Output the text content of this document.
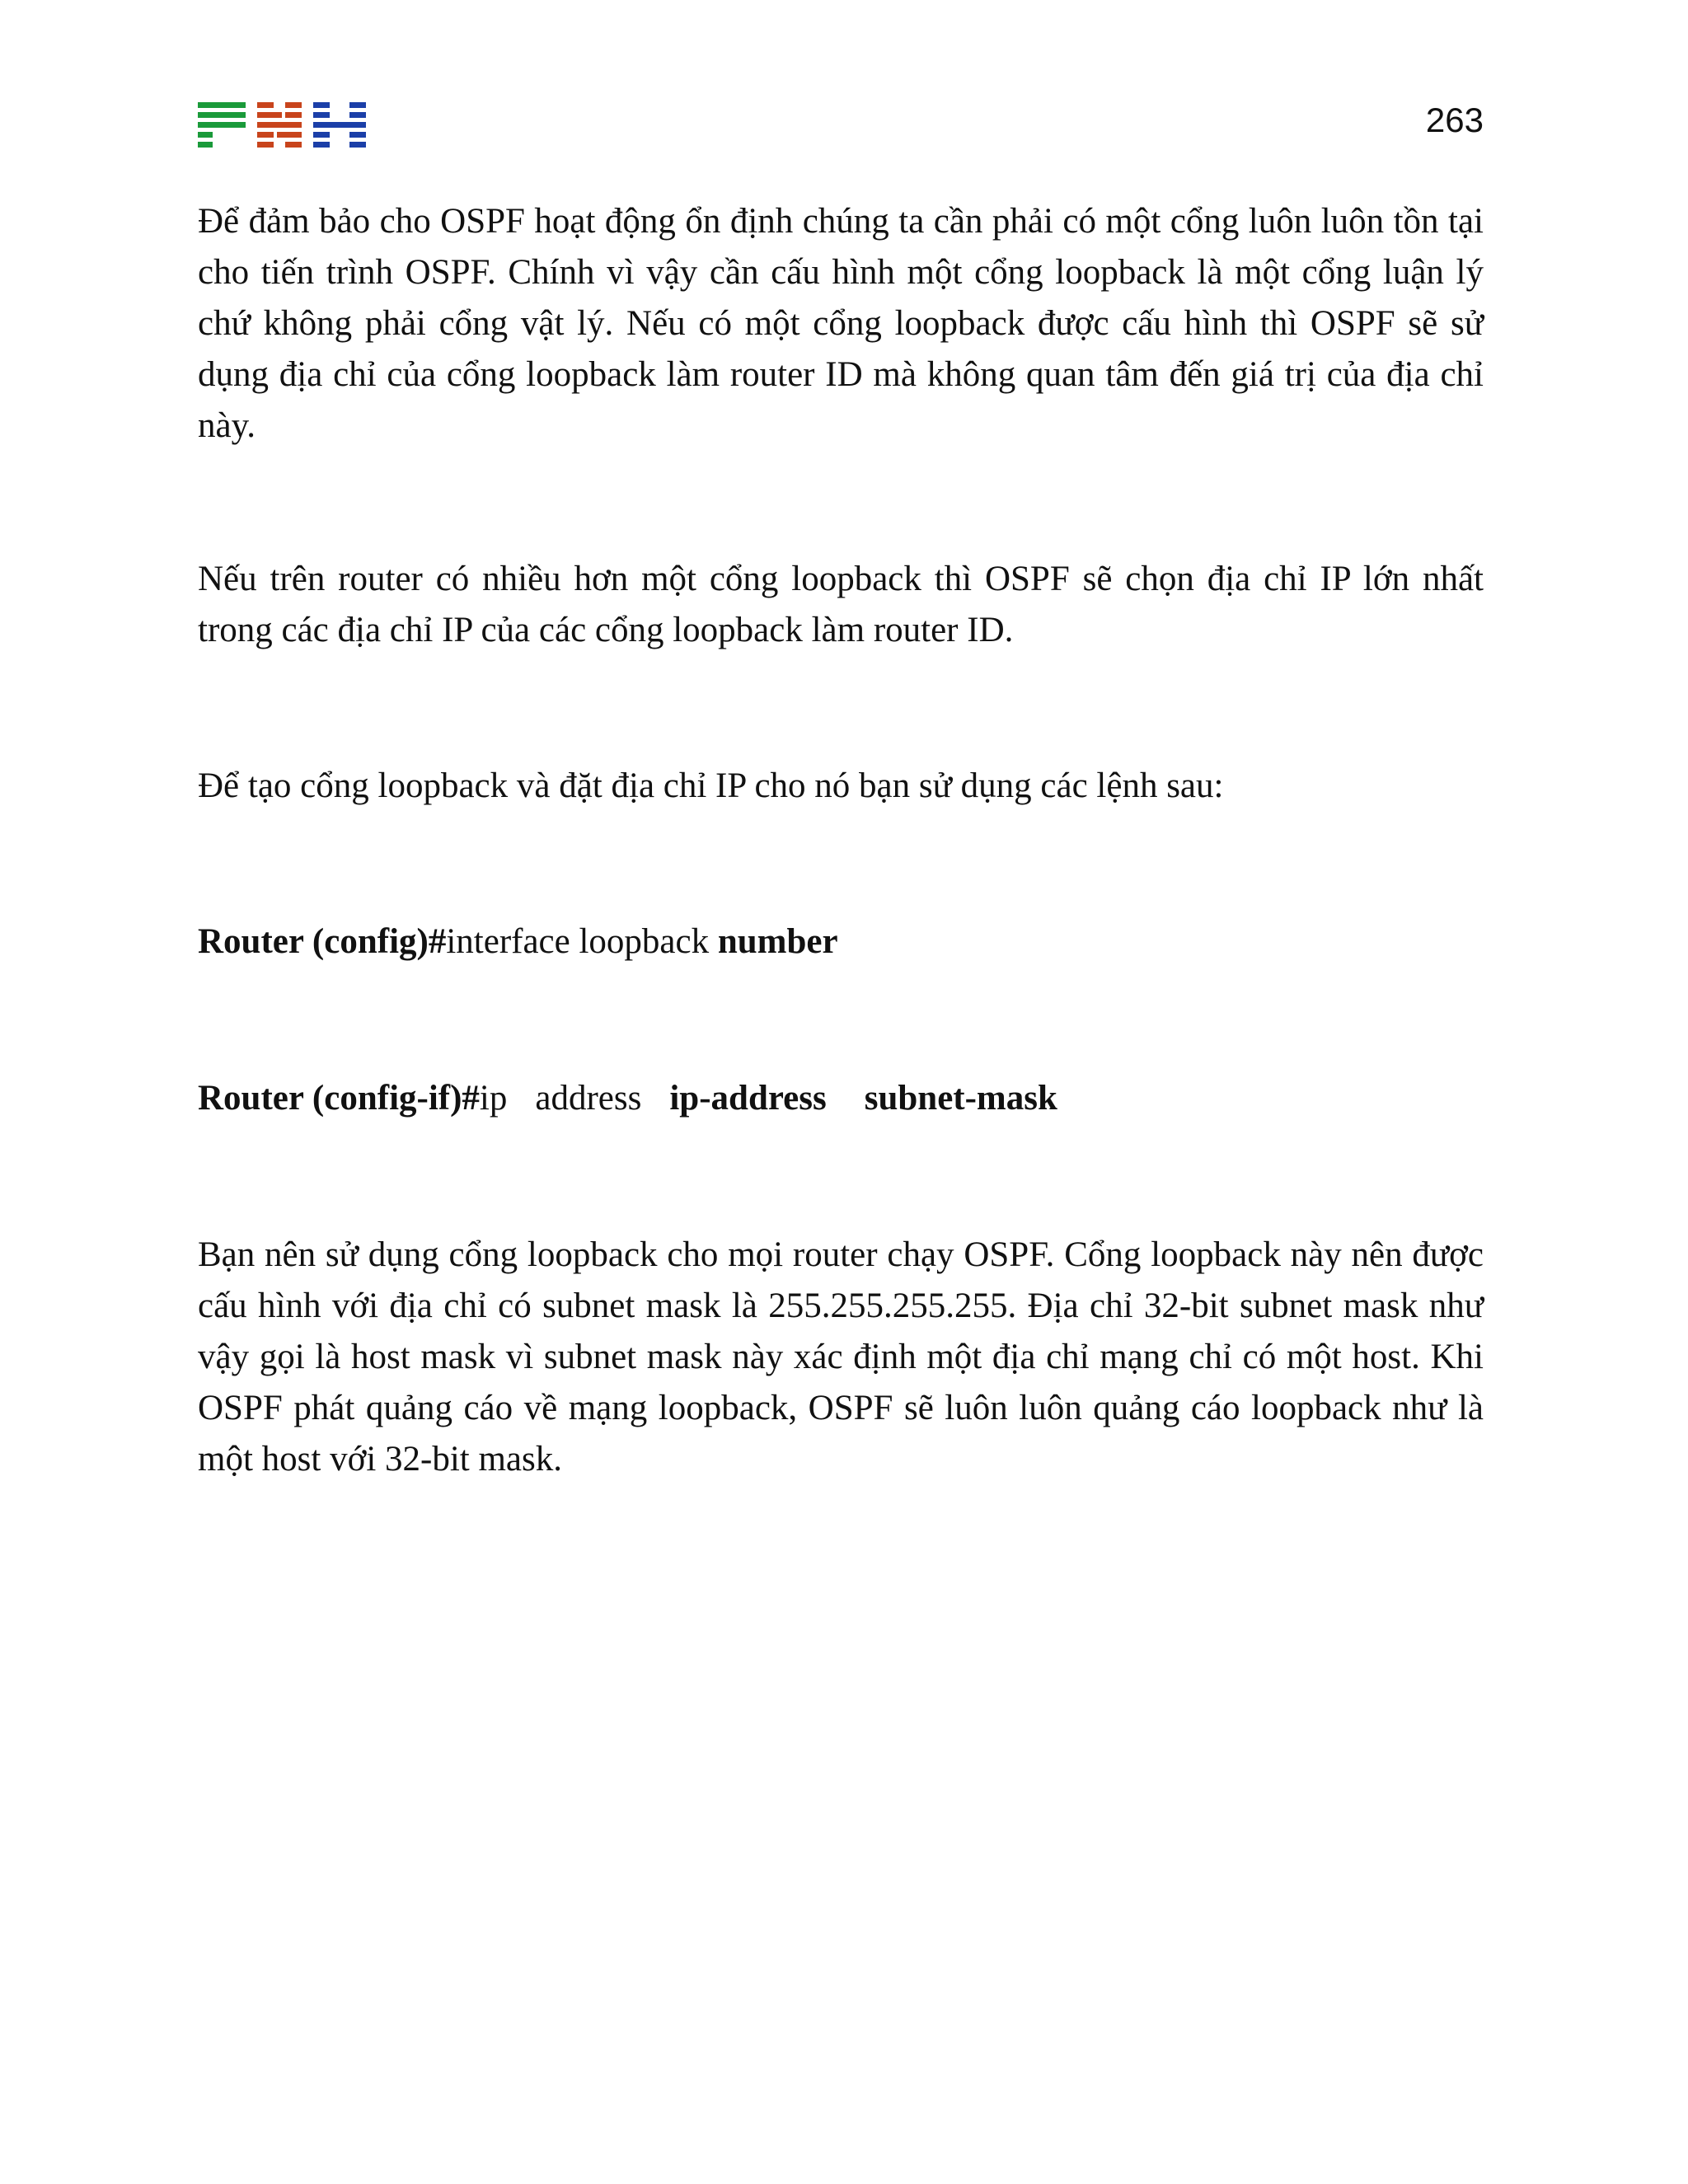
263

Để đảm bảo cho OSPF hoạt động ổn định chúng ta cần phải có một cổng luôn luôn tồn tại cho tiến trình OSPF. Chính vì vậy cần cấu hình một cổng loopback là một cổng luận lý chứ không phải cổng vật lý. Nếu có một cổng loopback được cấu hình thì OSPF sẽ sử dụng địa chỉ của cổng loopback làm router ID mà không quan tâm đến giá trị của địa chỉ này.

Nếu trên router có nhiều hơn một cổng loopback thì OSPF sẽ chọn địa chỉ IP lớn nhất trong các địa chỉ IP của các cổng loopback làm router ID.

Để tạo cổng loopback và đặt địa chỉ IP cho nó bạn sử dụng các lệnh sau:

Router (config)#interface loopback number

Router (config-if)#ip address ip-address subnet-mask

Bạn nên sử dụng cổng loopback cho mọi router chạy OSPF. Cổng loopback này nên được cấu hình với địa chỉ có subnet mask là 255.255.255.255. Địa chỉ 32-bit subnet mask như vậy gọi là host mask vì subnet mask này xác định một địa chỉ mạng chỉ có một host. Khi OSPF phát quảng cáo về mạng loopback, OSPF sẽ luôn luôn quảng cáo loopback như là một host với 32-bit mask.
